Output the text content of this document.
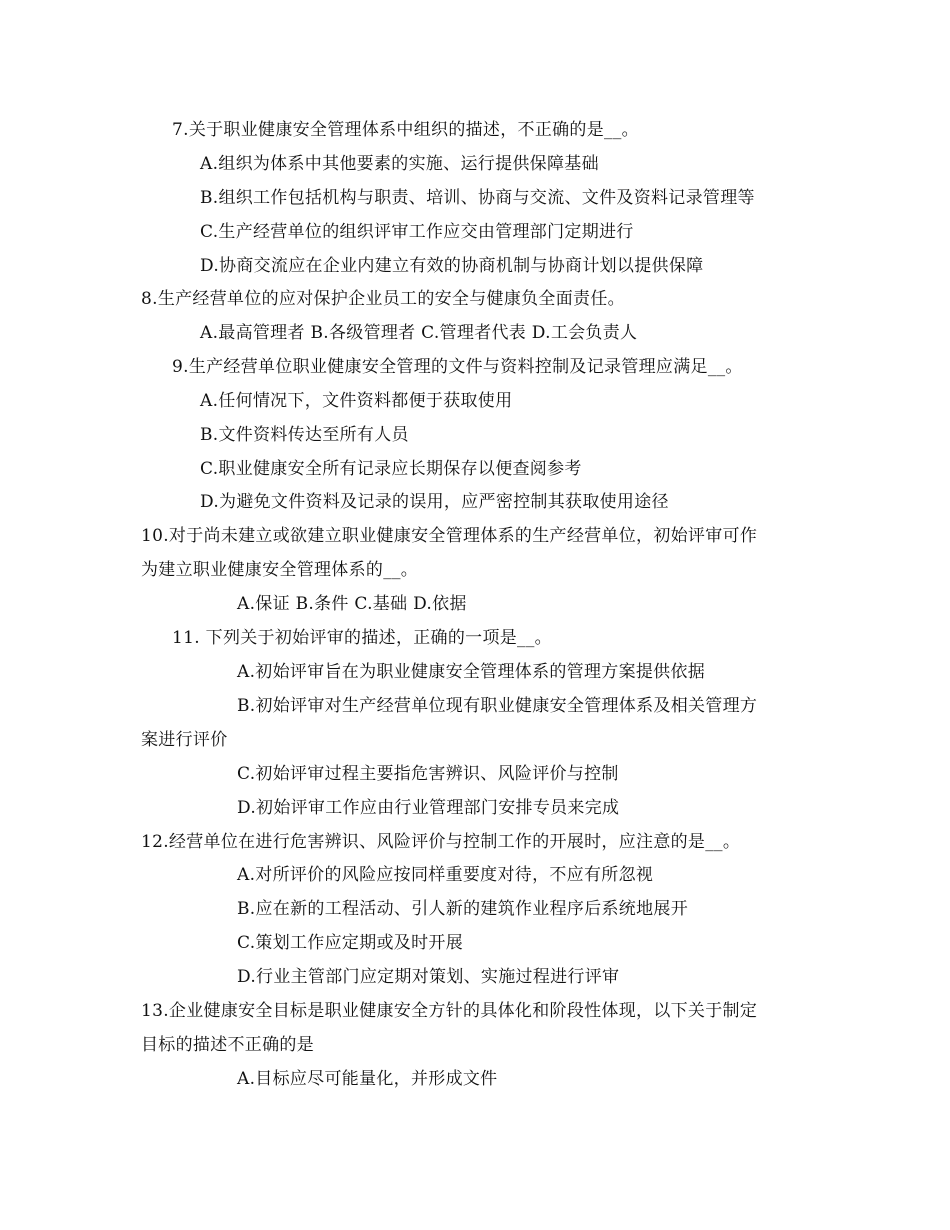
7.关于职业健康安全管理体系中组织的描述，不正确的是__。
A.组织为体系中其他要素的实施、运行提供保障基础
B.组织工作包括机构与职责、培训、协商与交流、文件及资料记录管理等
C.生产经营单位的组织评审工作应交由管理部门定期进行
D.协商交流应在企业内建立有效的协商机制与协商计划以提供保障
8.生产经营单位的应对保护企业员工的安全与健康负全面责任。
A.最高管理者 B.各级管理者 C.管理者代表 D.工会负责人
9.生产经营单位职业健康安全管理的文件与资料控制及记录管理应满足__。
A.任何情况下，文件资料都便于获取使用
B.文件资料传达至所有人员
C.职业健康安全所有记录应长期保存以便查阅参考
D.为避免文件资料及记录的误用，应严密控制其获取使用途径
10.对于尚未建立或欲建立职业健康安全管理体系的生产经营单位，初始评审可作
为建立职业健康安全管理体系的__。
A.保证 B.条件 C.基础 D.依据
11. 下列关于初始评审的描述，正确的一项是__。
A.初始评审旨在为职业健康安全管理体系的管理方案提供依据
B.初始评审对生产经营单位现有职业健康安全管理体系及相关管理方
案进行评价
C.初始评审过程主要指危害辨识、风险评价与控制
D.初始评审工作应由行业管理部门安排专员来完成
12.经营单位在进行危害辨识、风险评价与控制工作的开展时，应注意的是__。
A.对所评价的风险应按同样重要度对待，不应有所忽视
B.应在新的工程活动、引人新的建筑作业程序后系统地展开
C.策划工作应定期或及时开展
D.行业主管部门应定期对策划、实施过程进行评审
13.企业健康安全目标是职业健康安全方针的具体化和阶段性体现，以下关于制定
目标的描述不正确的是
A.目标应尽可能量化，并形成文件
